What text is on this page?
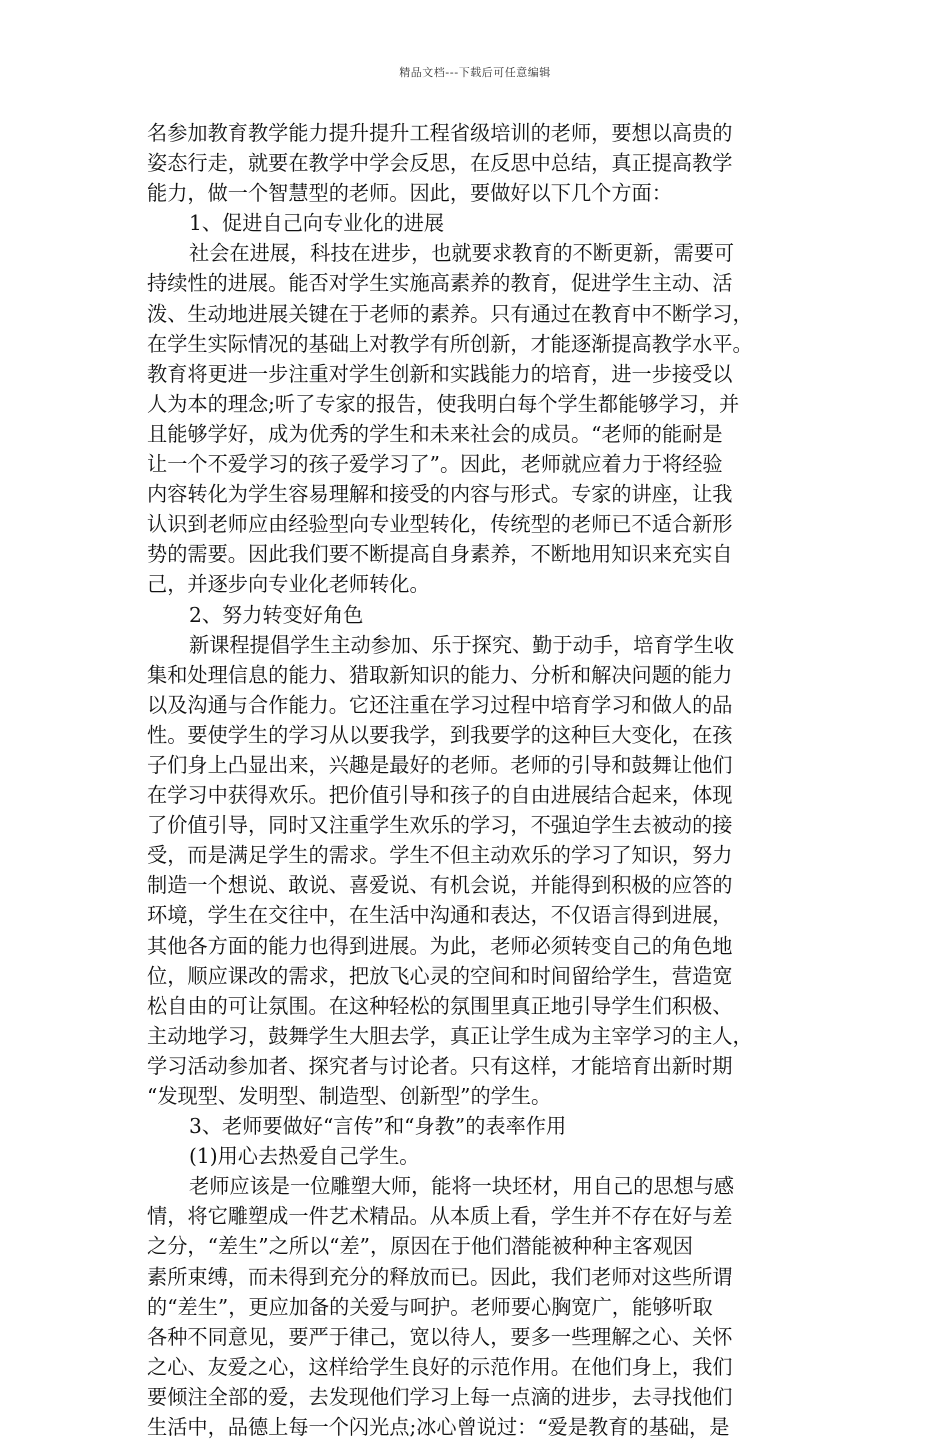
精品文档---下载后可任意编辑
名参加教育教学能力提升提升工程省级培训的老师，要想以高贵的
姿态行走，就要在教学中学会反思，在反思中总结，真正提高教学
能力，做一个智慧型的老师。因此，要做好以下几个方面：
1、促进自己向专业化的进展
社会在进展，科技在进步，也就要求教育的不断更新，需要可
持续性的进展。能否对学生实施高素养的教育，促进学生主动、活
泼、生动地进展关键在于老师的素养。只有通过在教育中不断学习，
在学生实际情况的基础上对教学有所创新，才能逐渐提高教学水平。
教育将更进一步注重对学生创新和实践能力的培育，进一步接受以
人为本的理念;听了专家的报告，使我明白每个学生都能够学习，并
且能够学好，成为优秀的学生和未来社会的成员。“老师的能耐是
让一个不爱学习的孩子爱学习了”。因此，老师就应着力于将经验
内容转化为学生容易理解和接受的内容与形式。专家的讲座，让我
认识到老师应由经验型向专业型转化，传统型的老师已不适合新形
势的需要。因此我们要不断提高自身素养，不断地用知识来充实自
己，并逐步向专业化老师转化。
2、努力转变好角色
新课程提倡学生主动参加、乐于探究、勤于动手，培育学生收
集和处理信息的能力、猎取新知识的能力、分析和解决问题的能力
以及沟通与合作能力。它还注重在学习过程中培育学习和做人的品
性。要使学生的学习从以要我学，到我要学的这种巨大变化，在孩
子们身上凸显出来，兴趣是最好的老师。老师的引导和鼓舞让他们
在学习中获得欢乐。把价值引导和孩子的自由进展结合起来，体现
了价值引导，同时又注重学生欢乐的学习，不强迫学生去被动的接
受，而是满足学生的需求。学生不但主动欢乐的学习了知识，努力
制造一个想说、敢说、喜爱说、有机会说，并能得到积极的应答的
环境，学生在交往中，在生活中沟通和表达，不仅语言得到进展，
其他各方面的能力也得到进展。为此，老师必须转变自己的角色地
位，顺应课改的需求，把放飞心灵的空间和时间留给学生，营造宽
松自由的可让氛围。在这种轻松的氛围里真正地引导学生们积极、
主动地学习，鼓舞学生大胆去学，真正让学生成为主宰学习的主人，
学习活动参加者、探究者与讨论者。只有这样，才能培育出新时期
“发现型、发明型、制造型、创新型”的学生。
3、老师要做好“言传”和“身教”的表率作用
(1)用心去热爱自己学生。
老师应该是一位雕塑大师，能将一块坯材，用自己的思想与感
情，将它雕塑成一件艺术精品。从本质上看，学生并不存在好与差
之分，“差生”之所以“差”，原因在于他们潜能被种种主客观因
素所束缚，而未得到充分的释放而已。因此，我们老师对这些所谓
的“差生”，更应加备的关爱与呵护。老师要心胸宽广，能够听取
各种不同意见，要严于律己，宽以待人，要多一些理解之心、关怀
之心、友爱之心，这样给学生良好的示范作用。在他们身上，我们
要倾注全部的爱，去发现他们学习上每一点滴的进步，去寻找他们
生活中，品德上每一个闪光点;冰心曾说过：“爱是教育的基础，是
